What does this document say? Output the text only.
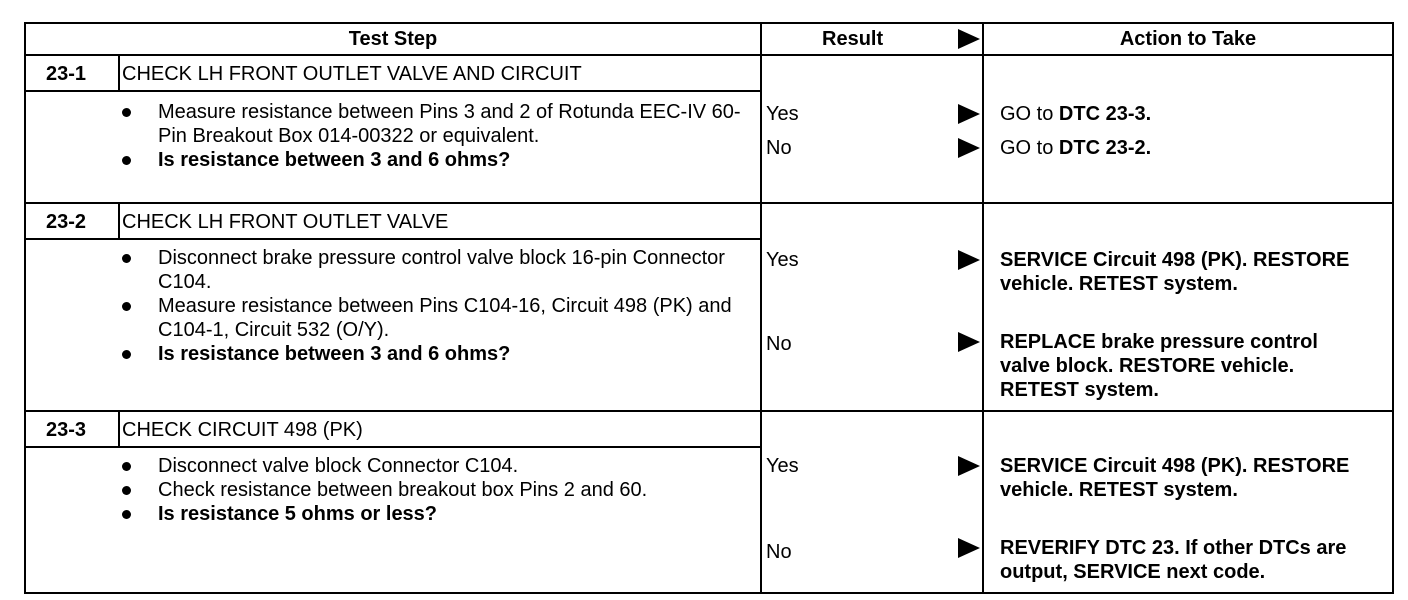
Test Step	Result	Action to Take
23-1 CHECK LH FRONT OUTLET VALVE AND CIRCUIT
Measure resistance between Pins 3 and 2 of Rotunda EEC-IV 60-Pin Breakout Box 014-00322 or equivalent.
Is resistance between 3 and 6 ohms?
Yes	GO to DTC 23-3.
No	GO to DTC 23-2.
23-2 CHECK LH FRONT OUTLET VALVE
Disconnect brake pressure control valve block 16-pin Connector C104.
Measure resistance between Pins C104-16, Circuit 498 (PK) and C104-1, Circuit 532 (O/Y).
Is resistance between 3 and 6 ohms?
Yes	SERVICE Circuit 498 (PK). RESTORE vehicle. RETEST system.
No	REPLACE brake pressure control valve block. RESTORE vehicle. RETEST system.
23-3 CHECK CIRCUIT 498 (PK)
Disconnect valve block Connector C104.
Check resistance between breakout box Pins 2 and 60.
Is resistance 5 ohms or less?
Yes	SERVICE Circuit 498 (PK). RESTORE vehicle. RETEST system.
No	REVERIFY DTC 23. If other DTCs are output, SERVICE next code.
